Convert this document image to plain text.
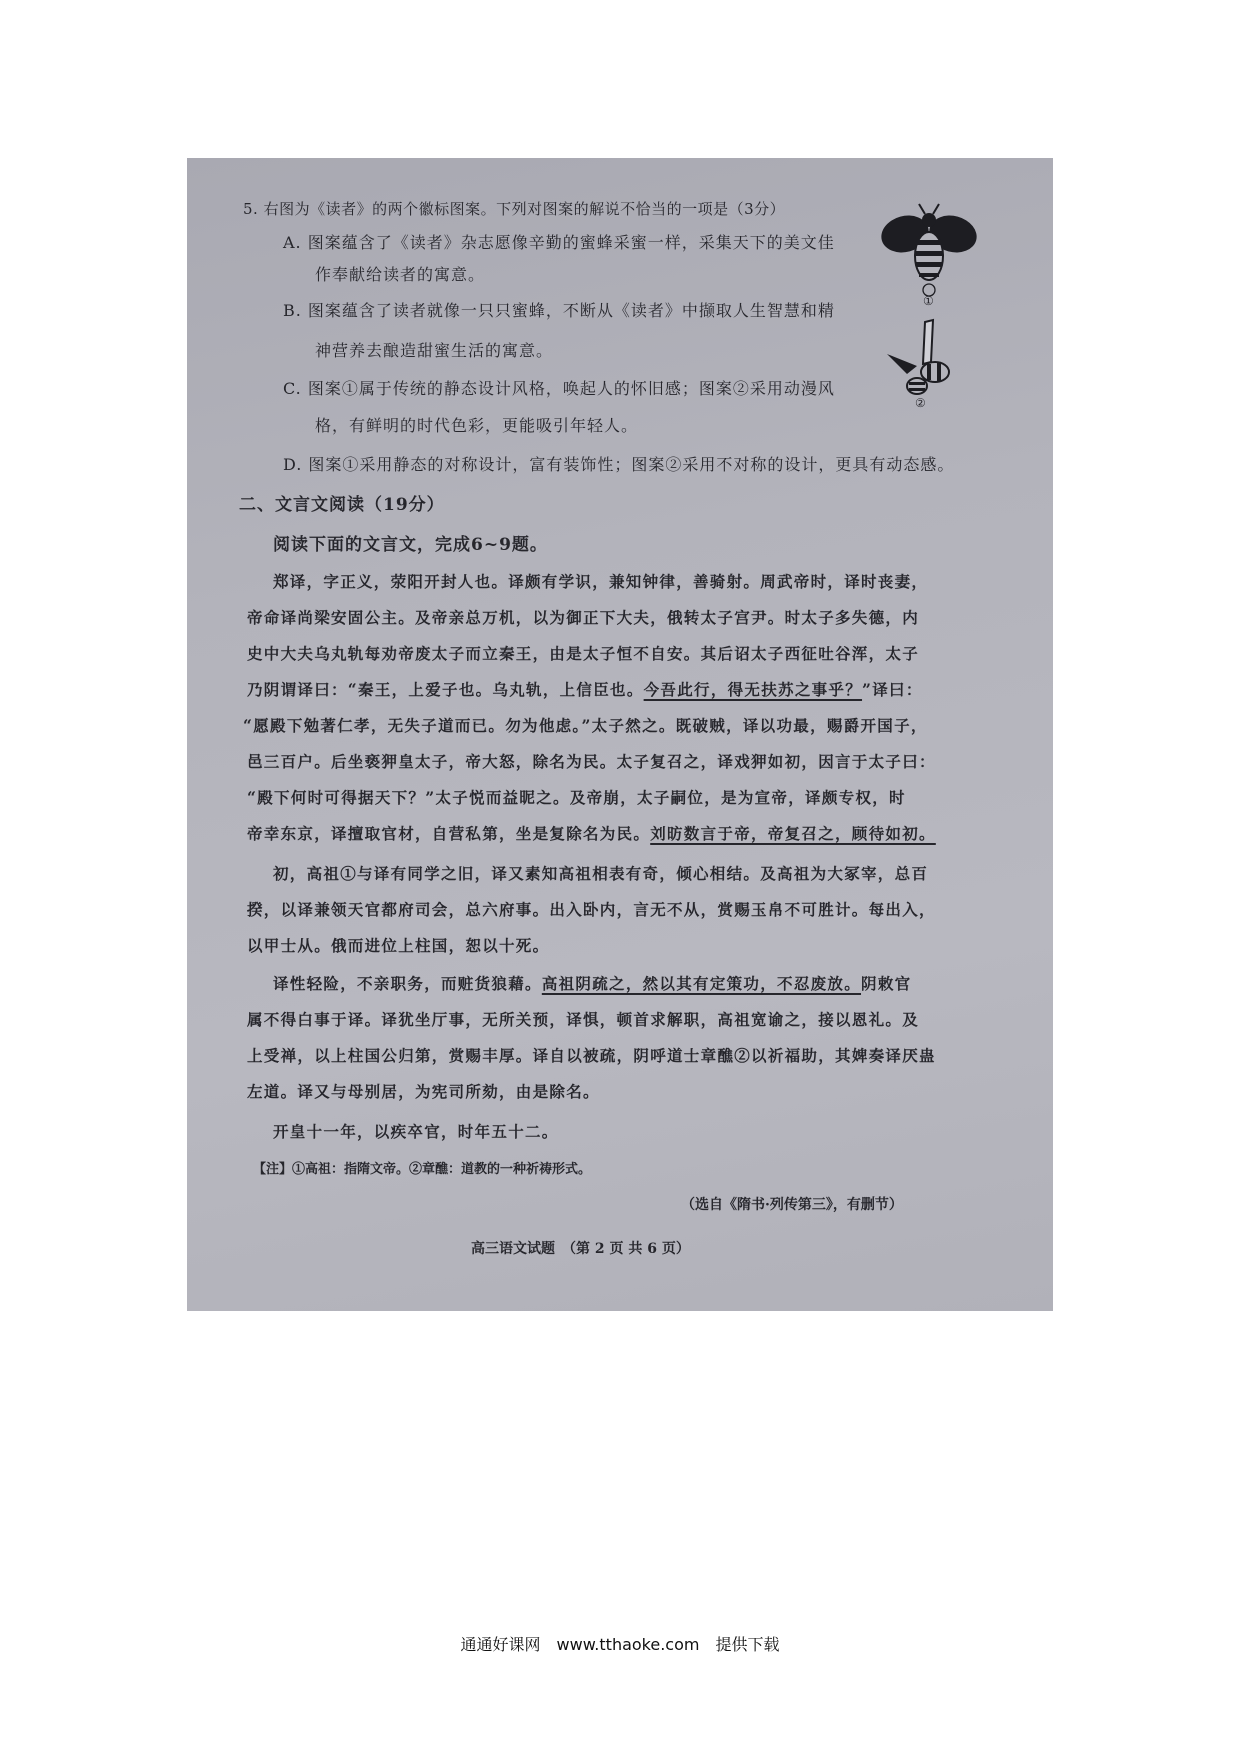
5. 右图为《读者》的两个徽标图案。下列对图案的解说不恰当的一项是（3分）
A. 图案蕴含了《读者》杂志愿像辛勤的蜜蜂采蜜一样，采集天下的美文佳
作奉献给读者的寓意。
B. 图案蕴含了读者就像一只只蜜蜂，不断从《读者》中撷取人生智慧和精
神营养去酿造甜蜜生活的寓意。
C. 图案①属于传统的静态设计风格，唤起人的怀旧感；图案②采用动漫风
格，有鲜明的时代色彩，更能吸引年轻人。
D. 图案①采用静态的对称设计，富有装饰性；图案②采用不对称的设计，更具有动态感。
①
②
二、文言文阅读（19分）
阅读下面的文言文，完成6~9题。
郑译，字正义，荥阳开封人也。译颇有学识，兼知钟律，善骑射。周武帝时，译时丧妻，
帝命译尚梁安固公主。及帝亲总万机，以为御正下大夫，俄转太子宫尹。时太子多失德，内
史中大夫乌丸轨每劝帝废太子而立秦王，由是太子恒不自安。其后诏太子西征吐谷浑，太子
乃阴谓译曰：“秦王，上爱子也。乌丸轨，上信臣也。今吾此行，得无扶苏之事乎？”译曰：
“愿殿下勉著仁孝，无失子道而已。勿为他虑。”太子然之。既破贼，译以功最，赐爵开国子，
邑三百户。后坐亵狎皇太子，帝大怒，除名为民。太子复召之，译戏狎如初，因言于太子曰：
“殿下何时可得据天下？”太子悦而益昵之。及帝崩，太子嗣位，是为宣帝，译颇专权，时
帝幸东京，译擅取官材，自营私第，坐是复除名为民。刘昉数言于帝，帝复召之，顾待如初。
初，高祖①与译有同学之旧，译又素知高祖相表有奇，倾心相结。及高祖为大冢宰，总百
揆，以译兼领天官都府司会，总六府事。出入卧内，言无不从，赏赐玉帛不可胜计。每出入，
以甲士从。俄而进位上柱国，恕以十死。
译性轻险，不亲职务，而赃货狼藉。高祖阴疏之，然以其有定策功，不忍废放。阴敕官
属不得白事于译。译犹坐厅事，无所关预，译惧，顿首求解职，高祖宽谕之，接以恩礼。及
上受禅，以上柱国公归第，赏赐丰厚。译自以被疏，阴呼道士章醮②以祈福助，其婢奏译厌蛊
左道。译又与母别居，为宪司所劾，由是除名。
开皇十一年，以疾卒官，时年五十二。
【注】①高祖：指隋文帝。②章醮：道教的一种祈祷形式。
（选自《隋书·列传第三》，有删节）
高三语文试题　（第 2 页 共 6 页）
通通好课网　www.tthaoke.com　提供下载
